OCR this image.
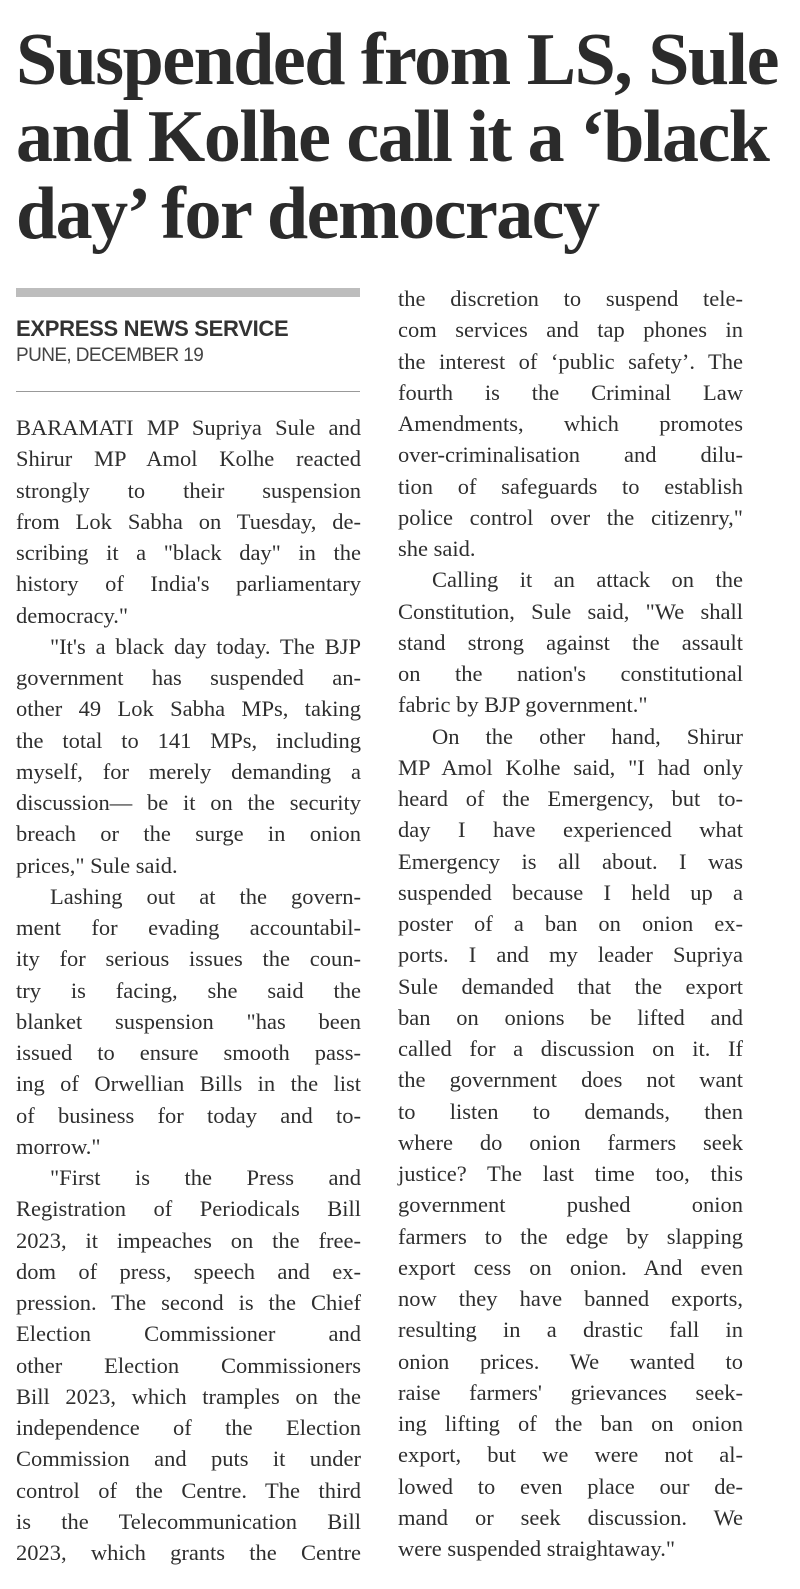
Suspended from LS, Sule
and Kolhe call it a ‘black
day’ for democracy
EXPRESS NEWS SERVICE
PUNE, DECEMBER 19
BARAMATI MP Supriya Sule and
Shirur MP Amol Kolhe reacted
strongly to their suspension
from Lok Sabha on Tuesday, de-
scribing it a "black day" in the
history of India's parliamentary
democracy."
"It's a black day today. The BJP
government has suspended an-
other 49 Lok Sabha MPs, taking
the total to 141 MPs, including
myself, for merely demanding a
discussion— be it on the security
breach or the surge in onion
prices," Sule said.
Lashing out at the govern-
ment for evading accountabil-
ity for serious issues the coun-
try is facing, she said the
blanket suspension "has been
issued to ensure smooth pass-
ing of Orwellian Bills in the list
of business for today and to-
morrow."
"First is the Press and
Registration of Periodicals Bill
2023, it impeaches on the free-
dom of press, speech and ex-
pression. The second is the Chief
Election Commissioner and
other Election Commissioners
Bill 2023, which tramples on the
independence of the Election
Commission and puts it under
control of the Centre. The third
is the Telecommunication Bill
2023, which grants the Centre
the discretion to suspend tele-
com services and tap phones in
the interest of ‘public safety’. The
fourth is the Criminal Law
Amendments, which promotes
over-criminalisation and dilu-
tion of safeguards to establish
police control over the citizenry,"
she said.
Calling it an attack on the
Constitution, Sule said, "We shall
stand strong against the assault
on the nation's constitutional
fabric by BJP government."
On the other hand, Shirur
MP Amol Kolhe said, "I had only
heard of the Emergency, but to-
day I have experienced what
Emergency is all about. I was
suspended because I held up a
poster of a ban on onion ex-
ports. I and my leader Supriya
Sule demanded that the export
ban on onions be lifted and
called for a discussion on it. If
the government does not want
to listen to demands, then
where do onion farmers seek
justice? The last time too, this
government pushed onion
farmers to the edge by slapping
export cess on onion. And even
now they have banned exports,
resulting in a drastic fall in
onion prices. We wanted to
raise farmers' grievances seek-
ing lifting of the ban on onion
export, but we were not al-
lowed to even place our de-
mand or seek discussion. We
were suspended straightaway."
